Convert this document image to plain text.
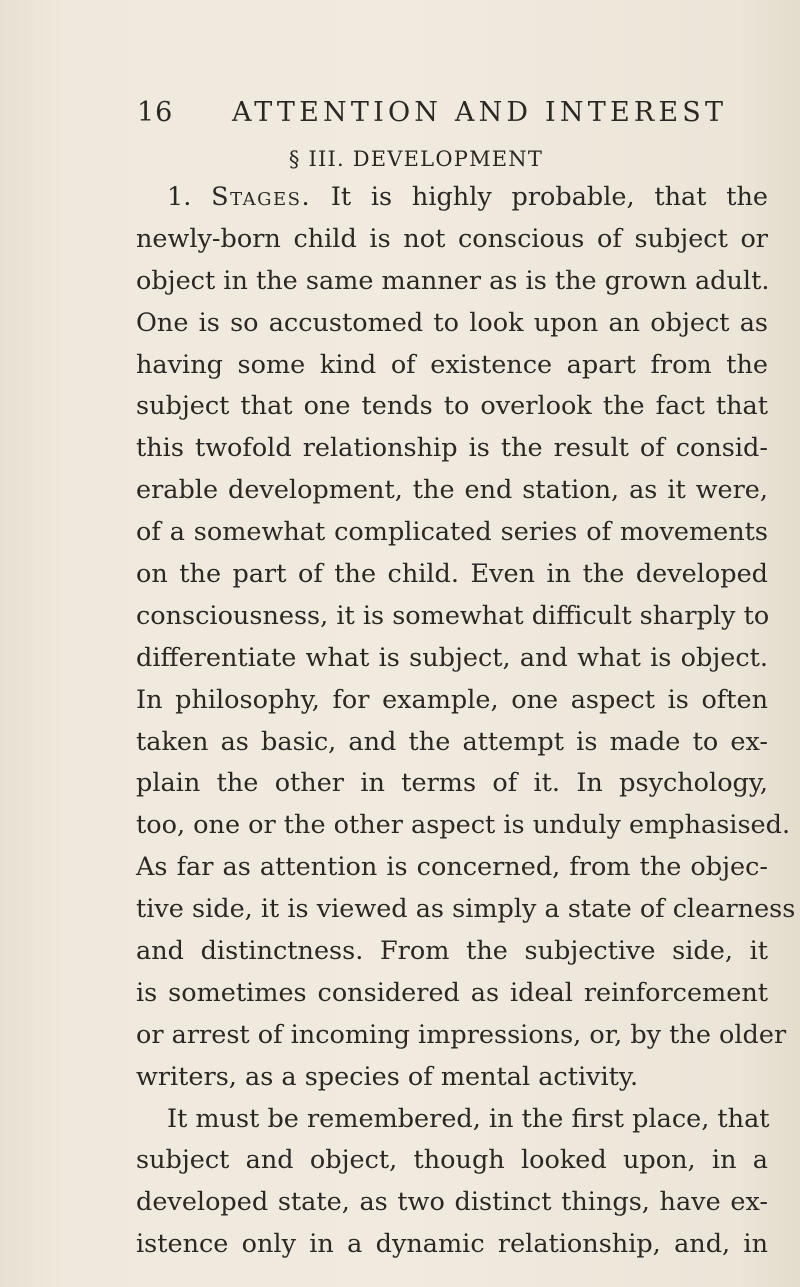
16 ATTENTION AND INTEREST
§ III. DEVELOPMENT
1. Stages. It is highly probable, that the
newly-born child is not conscious of subject or
object in the same manner as is the grown adult.
One is so accustomed to look upon an object as
having some kind of existence apart from the
subject that one tends to overlook the fact that
this twofold relationship is the result of consid-
erable development, the end station, as it were,
of a somewhat complicated series of movements
on the part of the child. Even in the developed
consciousness, it is somewhat difficult sharply to
differentiate what is subject, and what is object.
In philosophy, for example, one aspect is often
taken as basic, and the attempt is made to ex-
plain the other in terms of it. In psychology,
too, one or the other aspect is unduly emphasised.
As far as attention is concerned, from the objec-
tive side, it is viewed as simply a state of clearness
and distinctness. From the subjective side, it
is sometimes considered as ideal reinforcement
or arrest of incoming impressions, or, by the older
writers, as a species of mental activity.
It must be remembered, in the first place, that
subject and object, though looked upon, in a
developed state, as two distinct things, have ex-
istence only in a dynamic relationship, and, in
